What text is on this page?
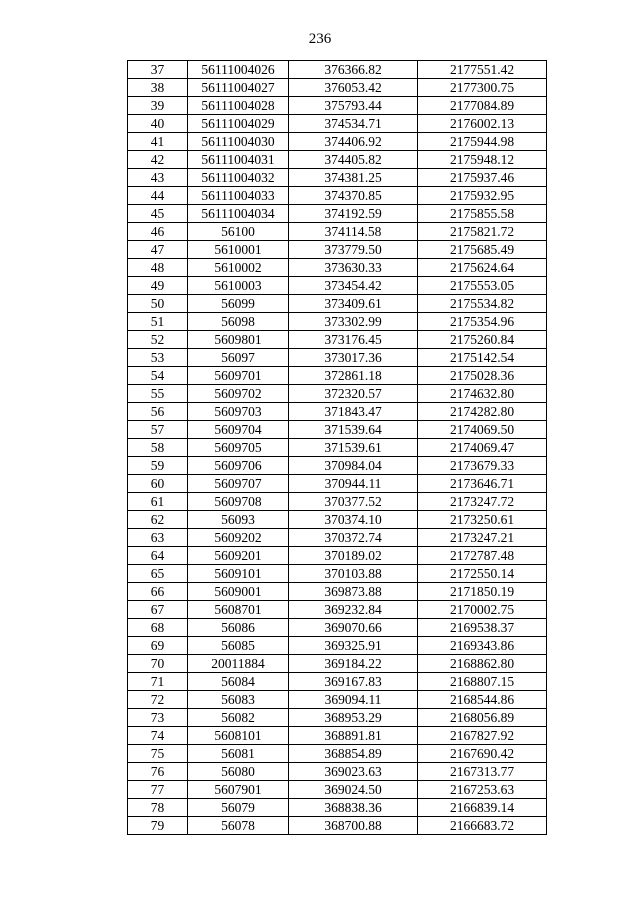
236
37	56111004026	376366.82	2177551.42
38	56111004027	376053.42	2177300.75
39	56111004028	375793.44	2177084.89
40	56111004029	374534.71	2176002.13
41	56111004030	374406.92	2175944.98
42	56111004031	374405.82	2175948.12
43	56111004032	374381.25	2175937.46
44	56111004033	374370.85	2175932.95
45	56111004034	374192.59	2175855.58
46	56100	374114.58	2175821.72
47	5610001	373779.50	2175685.49
48	5610002	373630.33	2175624.64
49	5610003	373454.42	2175553.05
50	56099	373409.61	2175534.82
51	56098	373302.99	2175354.96
52	5609801	373176.45	2175260.84
53	56097	373017.36	2175142.54
54	5609701	372861.18	2175028.36
55	5609702	372320.57	2174632.80
56	5609703	371843.47	2174282.80
57	5609704	371539.64	2174069.50
58	5609705	371539.61	2174069.47
59	5609706	370984.04	2173679.33
60	5609707	370944.11	2173646.71
61	5609708	370377.52	2173247.72
62	56093	370374.10	2173250.61
63	5609202	370372.74	2173247.21
64	5609201	370189.02	2172787.48
65	5609101	370103.88	2172550.14
66	5609001	369873.88	2171850.19
67	5608701	369232.84	2170002.75
68	56086	369070.66	2169538.37
69	56085	369325.91	2169343.86
70	20011884	369184.22	2168862.80
71	56084	369167.83	2168807.15
72	56083	369094.11	2168544.86
73	56082	368953.29	2168056.89
74	5608101	368891.81	2167827.92
75	56081	368854.89	2167690.42
76	56080	369023.63	2167313.77
77	5607901	369024.50	2167253.63
78	56079	368838.36	2166839.14
79	56078	368700.88	2166683.72
